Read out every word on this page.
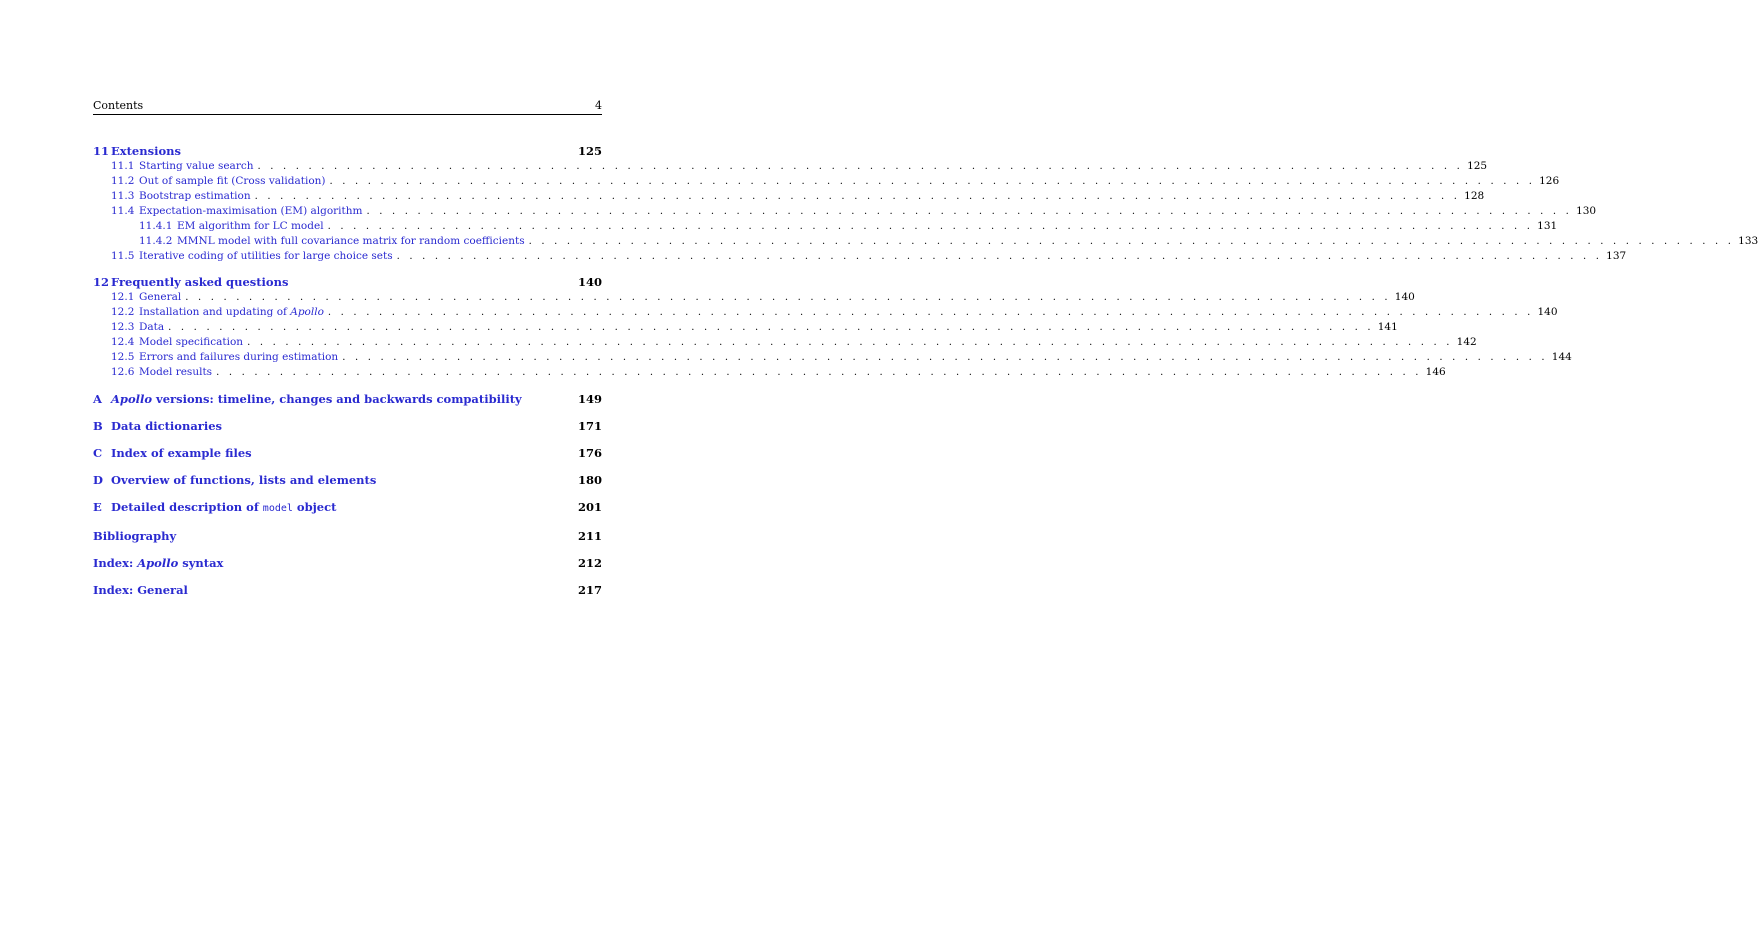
Contents	4
11 Extensions	125
11.1 Starting value search . . . . . . . . . . . . . . . . . . . . . . . . . . . . . . . . . . . . . . . . . . . . . . . . . . . . . . . . . . . . . . . . . . . . . . . . . . . . . . . . . . . . . . . . . . . . . . . 125
11.2 Out of sample fit (Cross validation) . . . . . . . . . . . . . . . . . . . . . . . . . . . . . . . . . . . . . . . . . . . . . . . . . . . . . . . . . . . . . . . . . . . . . . . . . . . . . . . . . . . . . . . . . . . . . . . 126
11.3 Bootstrap estimation . . . . . . . . . . . . . . . . . . . . . . . . . . . . . . . . . . . . . . . . . . . . . . . . . . . . . . . . . . . . . . . . . . . . . . . . . . . . . . . . . . . . . . . . . . . . . . . 128
11.4 Expectation-maximisation (EM) algorithm . . . . . . . . . . . . . . . . . . . . . . . . . . . . . . . . . . . . . . . . . . . . . . . . . . . . . . . . . . . . . . . . . . . . . . . . . . . . . . . . . . . . . . . . . . . . . . . 130
11.4.1 EM algorithm for LC model . . . . . . . . . . . . . . . . . . . . . . . . . . . . . . . . . . . . . . . . . . . . . . . . . . . . . . . . . . . . . . . . . . . . . . . . . . . . . . . . . . . . . . . . . . . . . . . 131
11.4.2 MMNL model with full covariance matrix for random coefficients . . . . . . . . . . . . . . . . . . . . . . . . . . . . . . . . . . . . . . . . . . . . . . . . . . . . . . . . . . . . . . . . . . . . . . . . . . . . . . . . . . . . . . . . . . . . . . . 133
11.5 Iterative coding of utilities for large choice sets . . . . . . . . . . . . . . . . . . . . . . . . . . . . . . . . . . . . . . . . . . . . . . . . . . . . . . . . . . . . . . . . . . . . . . . . . . . . . . . . . . . . . . . . . . . . . . . 137
12 Frequently asked questions	140
12.1 General . . . . . . . . . . . . . . . . . . . . . . . . . . . . . . . . . . . . . . . . . . . . . . . . . . . . . . . . . . . . . . . . . . . . . . . . . . . . . . . . . . . . . . . . . . . . . . . 140
12.2 Installation and updating of Apollo . . . . . . . . . . . . . . . . . . . . . . . . . . . . . . . . . . . . . . . . . . . . . . . . . . . . . . . . . . . . . . . . . . . . . . . . . . . . . . . . . . . . . . . . . . . . . . . 140
12.3 Data . . . . . . . . . . . . . . . . . . . . . . . . . . . . . . . . . . . . . . . . . . . . . . . . . . . . . . . . . . . . . . . . . . . . . . . . . . . . . . . . . . . . . . . . . . . . . . . 141
12.4 Model specification . . . . . . . . . . . . . . . . . . . . . . . . . . . . . . . . . . . . . . . . . . . . . . . . . . . . . . . . . . . . . . . . . . . . . . . . . . . . . . . . . . . . . . . . . . . . . . . 142
12.5 Errors and failures during estimation . . . . . . . . . . . . . . . . . . . . . . . . . . . . . . . . . . . . . . . . . . . . . . . . . . . . . . . . . . . . . . . . . . . . . . . . . . . . . . . . . . . . . . . . . . . . . . . 144
12.6 Model results . . . . . . . . . . . . . . . . . . . . . . . . . . . . . . . . . . . . . . . . . . . . . . . . . . . . . . . . . . . . . . . . . . . . . . . . . . . . . . . . . . . . . . . . . . . . . . . 146
A Apollo versions: timeline, changes and backwards compatibility	149
B Data dictionaries	171
C Index of example files	176
D Overview of functions, lists and elements	180
E Detailed description of model object	201
Bibliography	211
Index: Apollo syntax	212
Index: General	217
